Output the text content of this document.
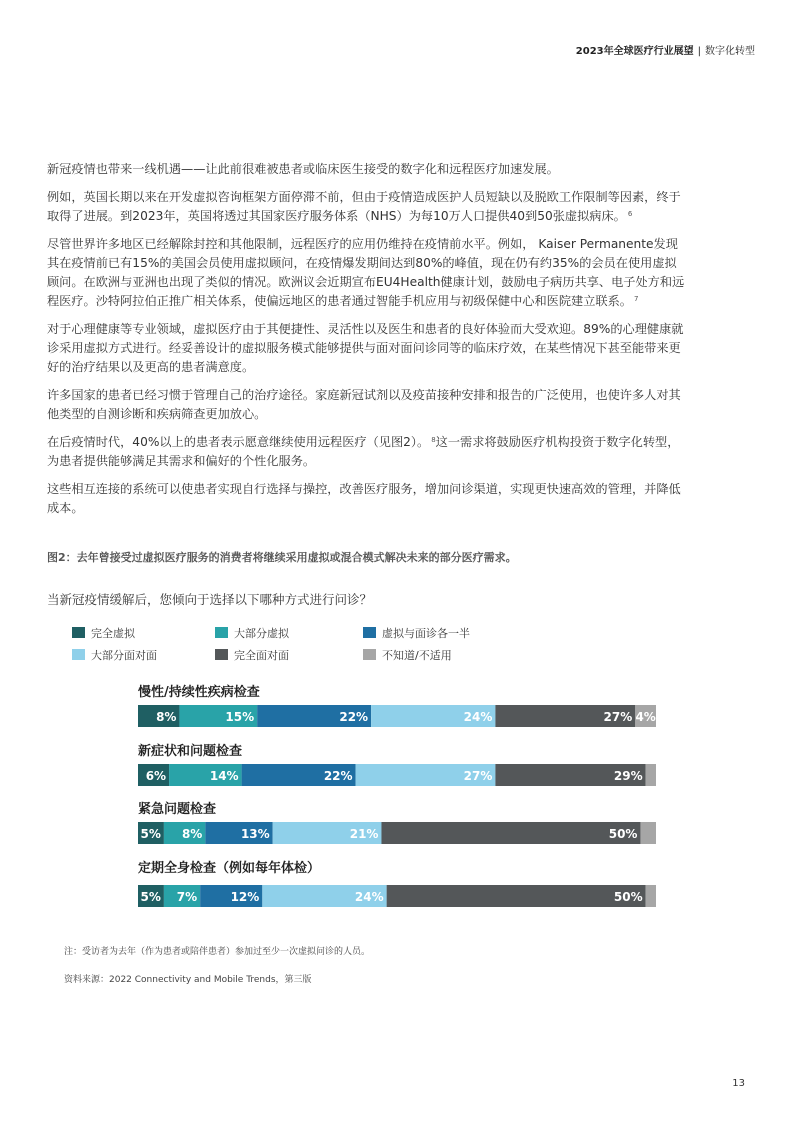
2023年全球医疗行业展望 | 数字化转型

新冠疫情也带来一线机遇——让此前很难被患者或临床医生接受的数字化和远程医疗加速发展。

例如，英国长期以来在开发虚拟咨询框架方面停滞不前，但由于疫情造成医护人员短缺以及脱欧工作限制等因素，终于取得了进展。到2023年，英国将透过其国家医疗服务体系（NHS）为每10万人口提供40到50张虚拟病床。 $^6$

尽管世界许多地区已经解除封控和其他限制，远程医疗的应用仍维持在疫情前水平。例如， Kaiser Permanente发现其在疫情前已有15%的美国会员使用虚拟顾问，在疫情爆发期间达到80%的峰值，现在仍有约35%的会员在使用虚拟顾问。在欧洲与亚洲也出现了类似的情况。欧洲议会近期宣布EU4Health健康计划，鼓励电子病历共享、电子处方和远程医疗。沙特阿拉伯正推广相关体系，使偏远地区的患者通过智能手机应用与初级保健中心和医院建立联系。 $^7$

对于心理健康等专业领域，虚拟医疗由于其便捷性、灵活性以及医生和患者的良好体验而大受欢迎。89%的心理健康就诊采用虚拟方式进行。经妥善设计的虚拟服务模式能够提供与面对面问诊同等的临床疗效，在某些情况下甚至能带来更好的治疗结果以及更高的患者满意度。

许多国家的患者已经习惯于管理自己的治疗途径。家庭新冠试剂以及疫苗接种安排和报告的广泛使用，也使许多人对其他类型的自测诊断和疾病筛查更加放心。

在后疫情时代，40%以上的患者表示愿意继续使用远程医疗（见图2）。 $^8$这一需求将鼓励医疗机构投资于数字化转型，为患者提供能够满足其需求和偏好的个性化服务。

这些相互连接的系统可以使患者实现自行选择与操控，改善医疗服务，增加问诊渠道，实现更快速高效的管理，并降低成本。

图2：去年曾接受过虚拟医疗服务的消费者将继续采用虚拟或混合模式解决未来的部分医疗需求。
当新冠疫情缓解后，您倾向于选择以下哪种方式进行问诊？
完全虚拟	大部分虚拟	虚拟与面诊各一半
大部分面对面	完全面对面	不知道/不适用
慢性/持续性疾病检查
8%	15%	22%	24%	27% 4%
新症状和问题检查
6%	14%	22%	27%	29%
紧急问题检查
5% 8%	13%	21%	50%
定期全身检查（例如每年体检）
5% 7%	12%	24%	50%
注：受访者为去年（作为患者或陪伴患者）参加过至少一次虚拟问诊的人员。
资料来源：2022 Connectivity and Mobile Trends，第三版
13
